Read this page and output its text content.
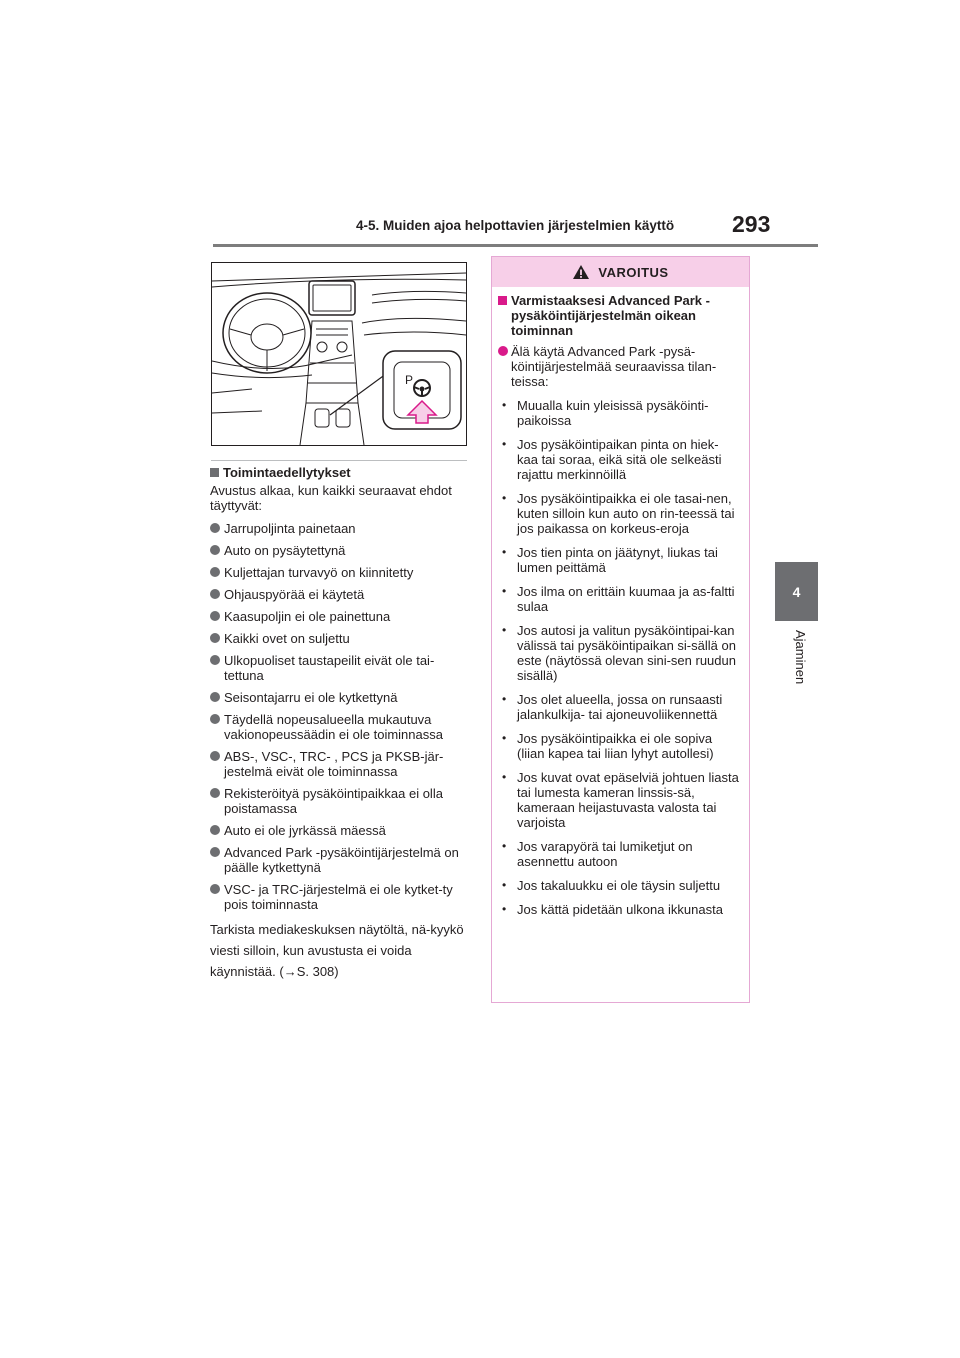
4-5. Muiden ajoa helpottavien järjestelmien käyttö	293
4
Ajaminen
P
Toimintaedellytykset

Avustus alkaa, kun kaikki seuraavat ehdot täyttyvät:

Jarrupoljinta painetaan
Auto on pysäytettynä
Kuljettajan turvavyö on kiinnitetty
Ohjauspyörää ei käytetä
Kaasupoljin ei ole painettuna
Kaikki ovet on suljettu
Ulkopuoliset taustapeilit eivät ole tai-tettuna
Seisontajarru ei ole kytkettynä
Täydellä nopeusalueella mukautuva vakionopeussäädin ei ole toiminnassa
ABS-, VSC-, TRC- , PCS ja PKSB-jär-jestelmä eivät ole toiminnassa
Rekisteröityä pysäköintipaikkaa ei olla poistamassa
Auto ei ole jyrkässä mäessä
Advanced Park -pysäköintijärjestelmä on päälle kytkettynä
VSC- ja TRC-järjestelmä ei ole kytket-ty pois toiminnasta

Tarkista mediakeskuksen näytöltä, nä-kyykö viesti silloin, kun avustusta ei voida käynnistää. (→S. 308)

VAROITUS
Varmistaaksesi Advanced Park -pysäköintijärjestelmän oikean toiminnan
Älä käytä Advanced Park -pysä-köintijärjestelmää seuraavissa tilan-teissa:
• Muualla kuin yleisissä pysäköinti-paikoissa
• Jos pysäköintipaikan pinta on hiek-kaa tai soraa, eikä sitä ole selkeästi rajattu merkinnöillä
• Jos pysäköintipaikka ei ole tasai-nen, kuten silloin kun auto on rin-teessä tai jos paikassa on korkeus-eroja
• Jos tien pinta on jäätynyt, liukas tai lumen peittämä
• Jos ilma on erittäin kuumaa ja as-faltti sulaa
• Jos autosi ja valitun pysäköintipai-kan välissä tai pysäköintipaikan si-sällä on este (näytössä olevan sini-sen ruudun sisällä)
• Jos olet alueella, jossa on runsaasti jalankulkija- tai ajoneuvoliikennettä
• Jos pysäköintipaikka ei ole sopiva (liian kapea tai liian lyhyt autollesi)
• Jos kuvat ovat epäselviä johtuen liasta tai lumesta kameran linssis-sä, kameraan heijastuvasta valosta tai varjoista
• Jos varapyörä tai lumiketjut on asennettu autoon
• Jos takaluukku ei ole täysin suljettu
• Jos kättä pidetään ulkona ikkunasta
